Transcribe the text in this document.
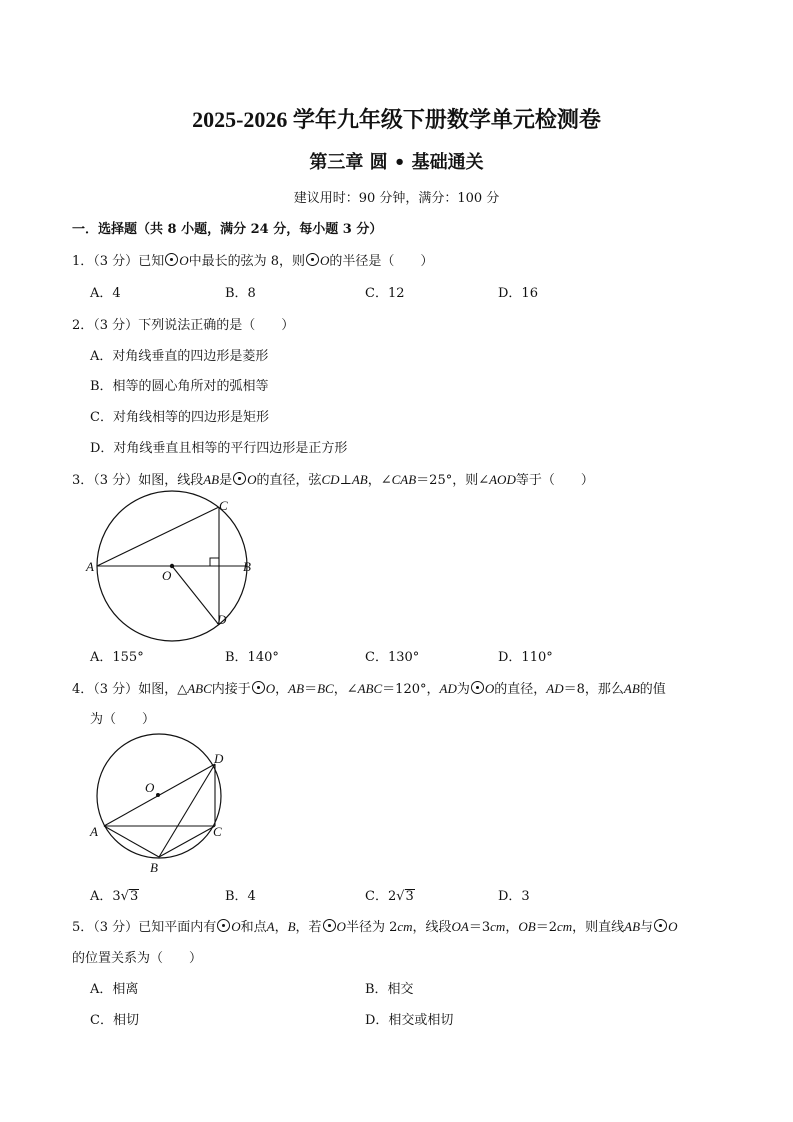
2025-2026 学年九年级下册数学单元检测卷
第三章 圆 • 基础通关
建议用时：90 分钟，满分：100 分
一．选择题（共 8 小题，满分 24 分，每小题 3 分）
1．（3 分）已知 O中最长的弦为 8，则 O的半径是（　　）
A．4	B．8	C．12	D．16
2．（3 分）下列说法正确的是（　　）
A．对角线垂直的四边形是菱形
B．相等的圆心角所对的弧相等
C．对角线相等的四边形是矩形
D．对角线垂直且相等的平行四边形是正方形
3．（3 分）如图，线段AB是 O的直径，弦CD⊥AB，∠CAB＝25°，则∠AOD等于（　　）
A
O
B
C
D
D
O
A	C
B
A．155°	B．140°	C．130°	D．110°
4．（3 分）如图，△ABC内接于 O，AB＝BC，∠ABC＝120°，AD为 O的直径，AD＝8，那么AB的值
为（　　）
A．3√3	B．4	C．2√3	D．3
5．（3 分）已知平面内有 O和点A，B，若 O半径为 2cm，线段OA＝3cm，OB＝2cm，则直线AB与 O
的位置关系为（　　）
A．相离	B．相交
C．相切	D．相交或相切
